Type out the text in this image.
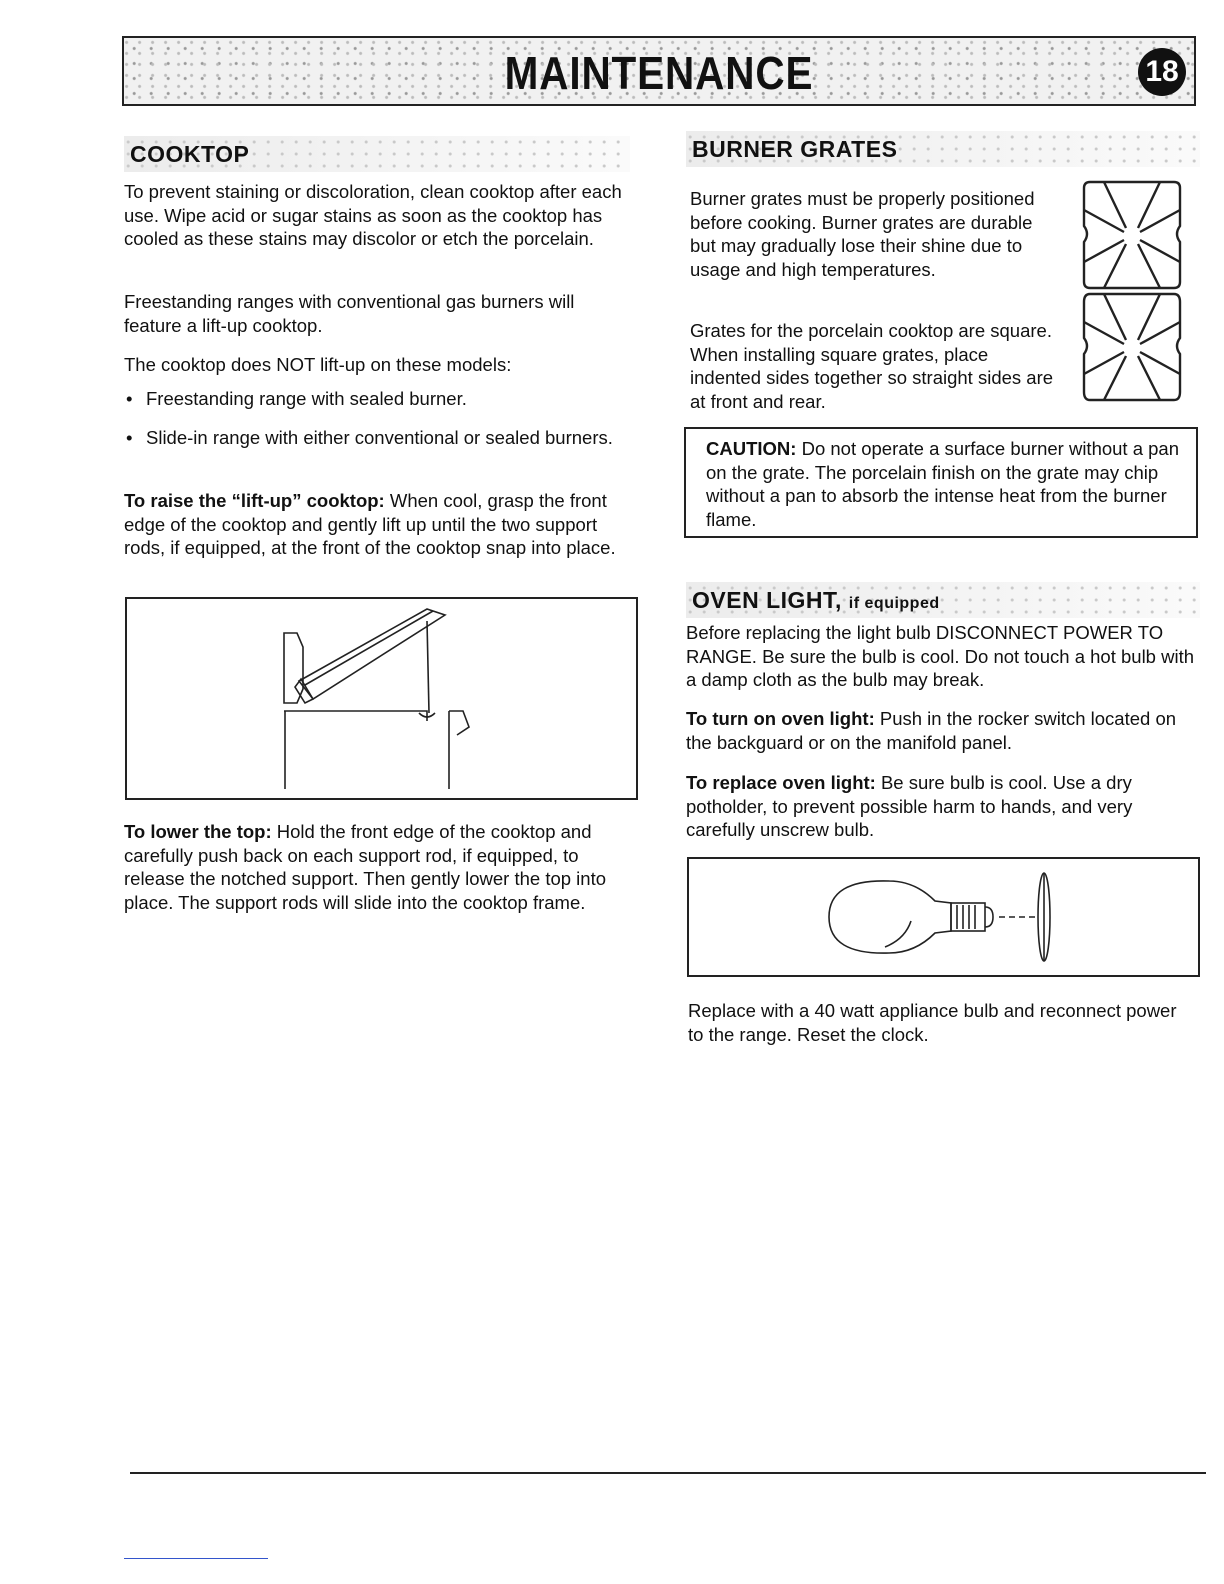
MAINTENANCE	18
COOKTOP

To prevent staining or discoloration, clean cooktop after each use. Wipe acid or sugar stains as soon as the cooktop has cooled as these stains may discolor or etch the porcelain.

Freestanding ranges with conventional gas burners will feature a lift-up cooktop.

The cooktop does NOT lift-up on these models:

• Freestanding range with sealed burner.
• Slide-in range with either conventional or sealed burners.

To raise the “lift-up” cooktop: When cool, grasp the front edge of the cooktop and gently lift up until the two support rods, if equipped, at the front of the cooktop snap into place.

To lower the top: Hold the front edge of the cooktop and carefully push back on each support rod, if equipped, to release the notched support. Then gently lower the top into place. The support rods will slide into the cooktop frame.

BURNER GRATES

Burner grates must be properly positioned before cooking. Burner grates are durable but may gradually lose their shine due to usage and high temperatures.

Grates for the porcelain cooktop are square. When installing square grates, place indented sides together so straight sides are at front and rear.

CAUTION: Do not operate a surface burner without a pan on the grate. The porcelain finish on the grate may chip without a pan to absorb the intense heat from the burner flame.
OVEN LIGHT, if equipped

Before replacing the light bulb DISCONNECT POWER TO RANGE. Be sure the bulb is cool. Do not touch a hot bulb with a damp cloth as the bulb may break.

To turn on oven light: Push in the rocker switch located on the backguard or on the manifold panel.

To replace oven light: Be sure bulb is cool. Use a dry potholder, to prevent possible harm to hands, and very carefully unscrew bulb.

Replace with a 40 watt appliance bulb and reconnect power to the range. Reset the clock.
